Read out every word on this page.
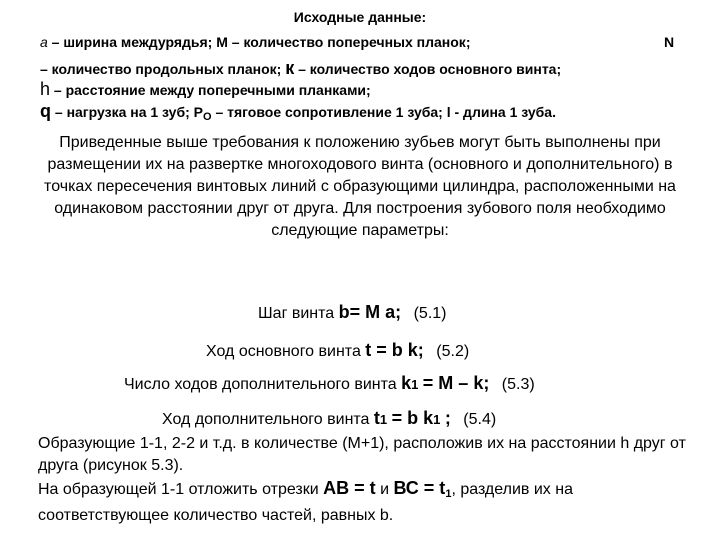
Исходные данные:
a – ширина междурядья; М – количество поперечных планок;	N
– количество продольных планок; к – количество ходов основного винта;
h – расстояние между поперечными планками;
q – нагрузка на 1 зуб; $Р_О$ – тяговое сопротивление 1 зуба; l - длина 1 зуба.
Приведенные выше требования к положению зубьев могут быть выполнены при размещении их на развертке многоходового винта (основного и дополнительного) в точках пересечения винтовых линий с образующими цилиндра, расположенными на одинаковом расстоянии друг от друга. Для построения зубового поля необходимо следующие параметры:
Шаг винта b= M a; (5.1)
Ход основного винта t = b k; (5.2)
Число ходов дополнительного винта k1 = M – k; (5.3)
Ход дополнительного винта t1 = b k1 ; (5.4)
Образующие 1-1, 2-2 и т.д. в количестве (М+1), расположив их на расстоянии h друг от друга (рисунок 5.3).
На образующей 1-1 отложить отрезки АВ = t и ВС = $t_1$, разделив их на соответствующее количество частей, равных b.
